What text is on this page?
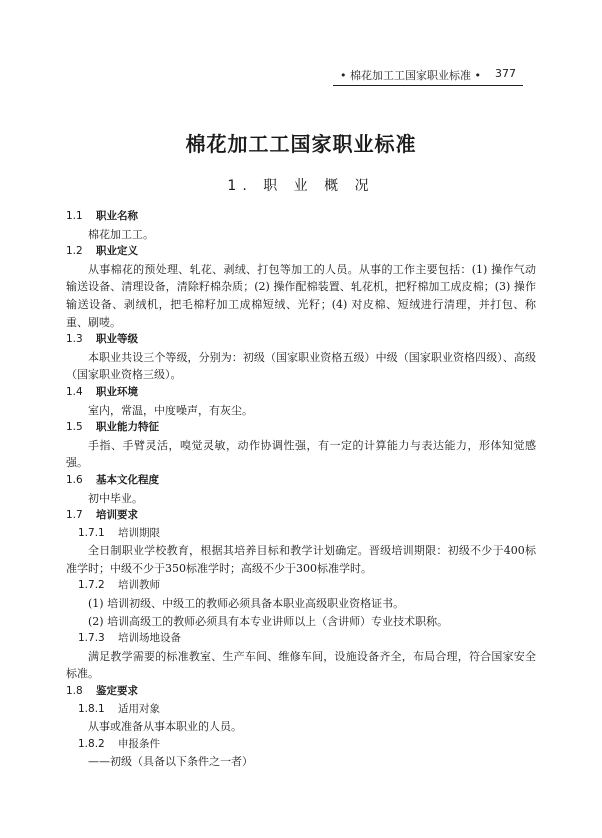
• 棉花加工工国家职业标准 • 377
棉花加工工国家职业标准
1. 职 业 概 况
1.1 职业名称
棉花加工工。
1.2 职业定义
从事棉花的预处理、轧花、剥绒、打包等加工的人员。从事的工作主要包括：(1) 操作气动输送设备、清理设备，清除籽棉杂质；(2) 操作配棉装置、轧花机，把籽棉加工成皮棉；(3) 操作输送设备、剥绒机，把毛棉籽加工成棉短绒、光籽；(4) 对皮棉、短绒进行清理，并打包、称重、刷唛。
1.3 职业等级
本职业共设三个等级，分别为：初级（国家职业资格五级）中级（国家职业资格四级）、高级（国家职业资格三级）。
1.4 职业环境
室内，常温，中度噪声，有灰尘。
1.5 职业能力特征
手指、手臂灵活，嗅觉灵敏，动作协调性强，有一定的计算能力与表达能力，形体知觉感强。
1.6 基本文化程度
初中毕业。
1.7 培训要求
1.7.1 培训期限
全日制职业学校教育，根据其培养目标和教学计划确定。晋级培训期限：初级不少于400标准学时；中级不少于350标准学时；高级不少于300标准学时。
1.7.2 培训教师
(1) 培训初级、中级工的教师必须具备本职业高级职业资格证书。
(2) 培训高级工的教师必须具有本专业讲师以上（含讲师）专业技术职称。
1.7.3 培训场地设备
满足教学需要的标准教室、生产车间、维修车间，设施设备齐全，布局合理，符合国家安全标准。
1.8 鉴定要求
1.8.1 适用对象
从事或准备从事本职业的人员。
1.8.2 申报条件
——初级（具备以下条件之一者）
